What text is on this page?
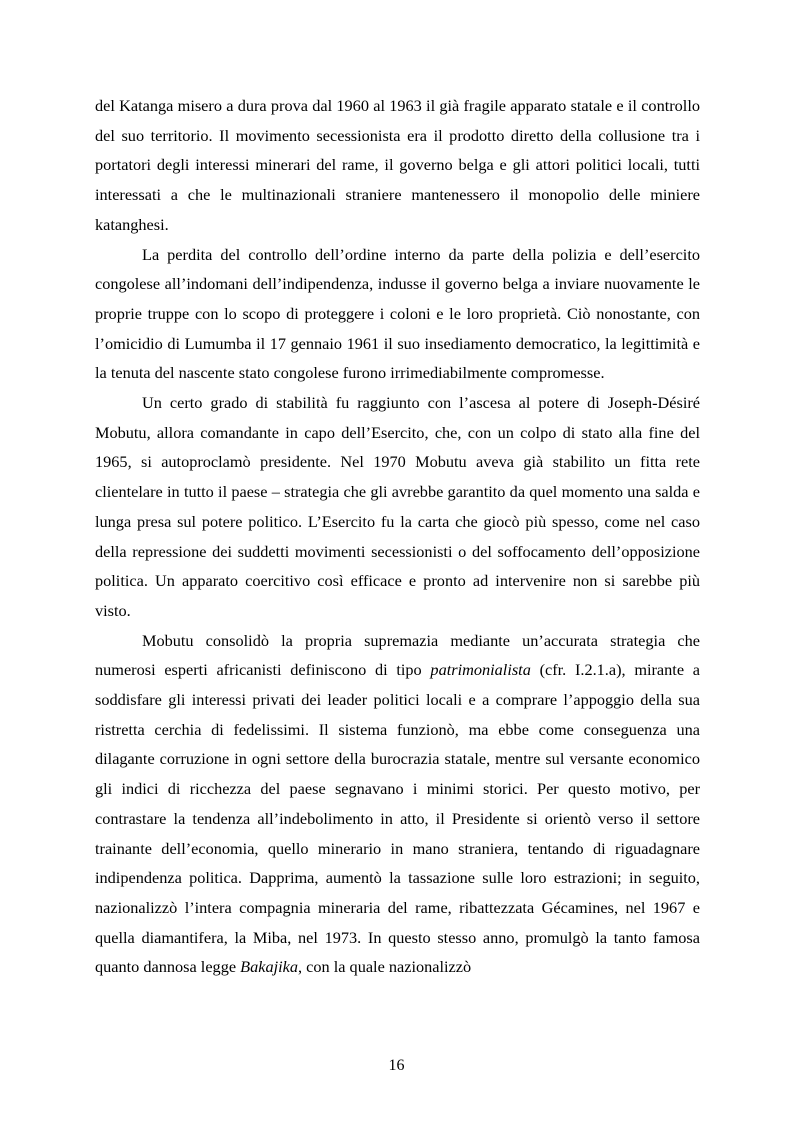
del Katanga misero a dura prova dal 1960 al 1963 il già fragile apparato statale e il controllo del suo territorio. Il movimento secessionista era il prodotto diretto della collusione tra i portatori degli interessi minerari del rame, il governo belga e gli attori politici locali, tutti interessati a che le multinazionali straniere mantenessero il monopolio delle miniere katanghesi.

La perdita del controllo dell’ordine interno da parte della polizia e dell’esercito congolese all’indomani dell’indipendenza, indusse il governo belga a inviare nuovamente le proprie truppe con lo scopo di proteggere i coloni e le loro proprietà. Ciò nonostante, con l’omicidio di Lumumba il 17 gennaio 1961 il suo insediamento democratico, la legittimità e la tenuta del nascente stato congolese furono irrimediabilmente compromesse.

Un certo grado di stabilità fu raggiunto con l’ascesa al potere di Joseph-Désiré Mobutu, allora comandante in capo dell’Esercito, che, con un colpo di stato alla fine del 1965, si autoproclamò presidente. Nel 1970 Mobutu aveva già stabilito un fitta rete clientelare in tutto il paese – strategia che gli avrebbe garantito da quel momento una salda e lunga presa sul potere politico. L’Esercito fu la carta che giocò più spesso, come nel caso della repressione dei suddetti movimenti secessionisti o del soffocamento dell’opposizione politica. Un apparato coercitivo così efficace e pronto ad intervenire non si sarebbe più visto.

Mobutu consolidò la propria supremazia mediante un’accurata strategia che numerosi esperti africanisti definiscono di tipo patrimonialista (cfr. I.2.1.a), mirante a soddisfare gli interessi privati dei leader politici locali e a comprare l’appoggio della sua ristretta cerchia di fedelissimi. Il sistema funzionò, ma ebbe come conseguenza una dilagante corruzione in ogni settore della burocrazia statale, mentre sul versante economico gli indici di ricchezza del paese segnavano i minimi storici. Per questo motivo, per contrastare la tendenza all’indebolimento in atto, il Presidente si orientò verso il settore trainante dell’economia, quello minerario in mano straniera, tentando di riguadagnare indipendenza politica. Dapprima, aumentò la tassazione sulle loro estrazioni; in seguito, nazionalizzò l’intera compagnia mineraria del rame, ribattezzata Gécamines, nel 1967 e quella diamantifera, la Miba, nel 1973. In questo stesso anno, promulgò la tanto famosa quanto dannosa legge Bakajika, con la quale nazionalizzò

16
